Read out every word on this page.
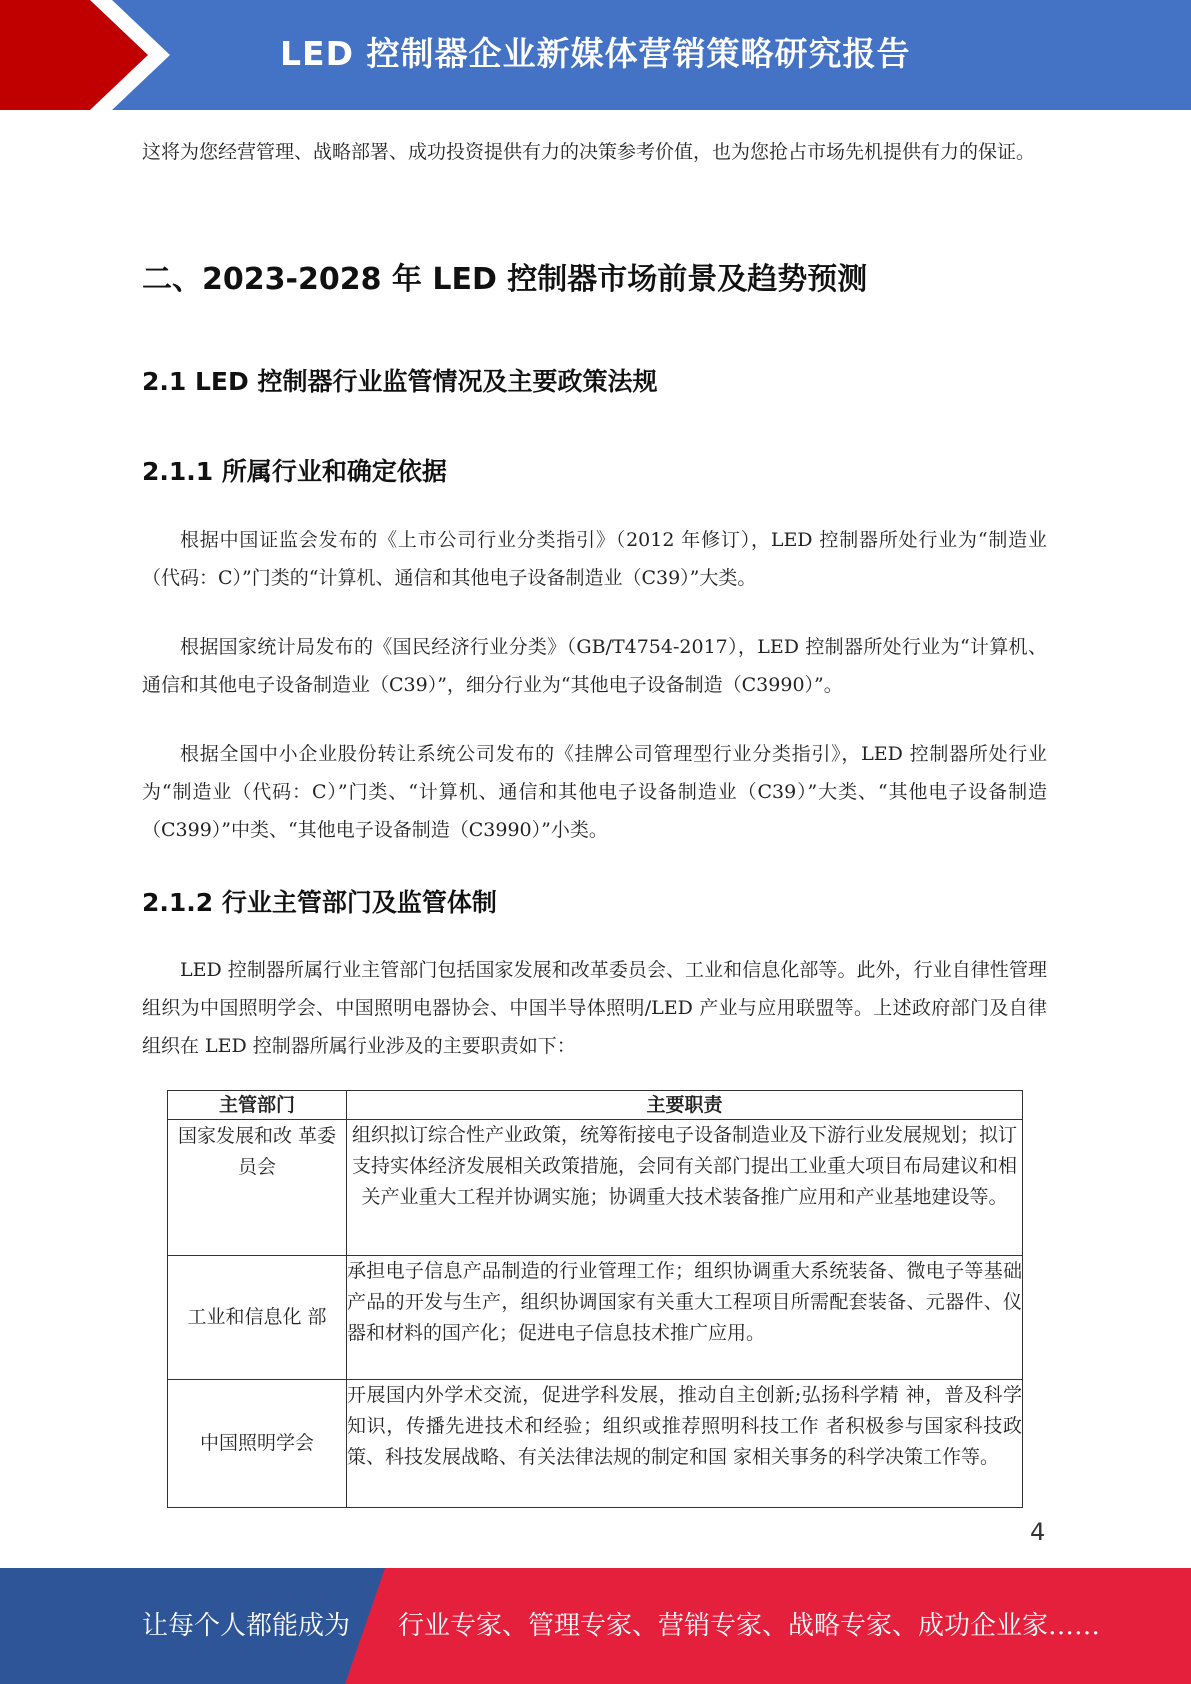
LED 控制器企业新媒体营销策略研究报告

这将为您经营管理、战略部署、成功投资提供有力的决策参考价值，也为您抢占市场先机提供有力的保证。

二、2023-2028 年 LED 控制器市场前景及趋势预测
2.1 LED 控制器行业监管情况及主要政策法规
2.1.1 所属行业和确定依据

根据中国证监会发布的《上市公司行业分类指引》（2012 年修订），LED 控制器所处行业为“制造业（代码：C）”门类的“计算机、通信和其他电子设备制造业（C39）”大类。

根据国家统计局发布的《国民经济行业分类》（GB/T4754-2017），LED 控制器所处行业为“计算机、通信和其他电子设备制造业（C39）”，细分行业为“其他电子设备制造（C3990）”。

根据全国中小企业股份转让系统公司发布的《挂牌公司管理型行业分类指引》，LED 控制器所处行业为“制造业（代码：C）”门类、“计算机、通信和其他电子设备制造业（C39）”大类、“其他电子设备制造（C399）”中类、“其他电子设备制造（C3990）”小类。

2.1.2 行业主管部门及监管体制

LED 控制器所属行业主管部门包括国家发展和改革委员会、工业和信息化部等。此外，行业自律性管理组织为中国照明学会、中国照明电器协会、中国半导体照明/LED 产业与应用联盟等。上述政府部门及自律组织在 LED 控制器所属行业涉及的主要职责如下：

主管部门	主要职责
国家发展和改 革委员会	组织拟订综合性产业政策，统筹衔接电子设备制造业及下游行业发展规划；拟订支持实体经济发展相关政策措施，会同有关部门提出工业重大项目布局建议和相关产业重大工程并协调实施；协调重大技术装备推广应用和产业基地建设等。
工业和信息化 部	承担电子信息产品制造的行业管理工作；组织协调重大系统装备、微电子等基础产品的开发与生产，组织协调国家有关重大工程项目所需配套装备、元器件、仪器和材料的国产化；促进电子信息技术推广应用。
中国照明学会	开展国内外学术交流，促进学科发展，推动自主创新;弘扬科学精 神，普及科学知识，传播先进技术和经验；组织或推荐照明科技工作 者积极参与国家科技政策、科技发展战略、有关法律法规的制定和国 家相关事务的科学决策工作等。
4
让每个人都能成为 行业专家、管理专家、营销专家、战略专家、成功企业家……
